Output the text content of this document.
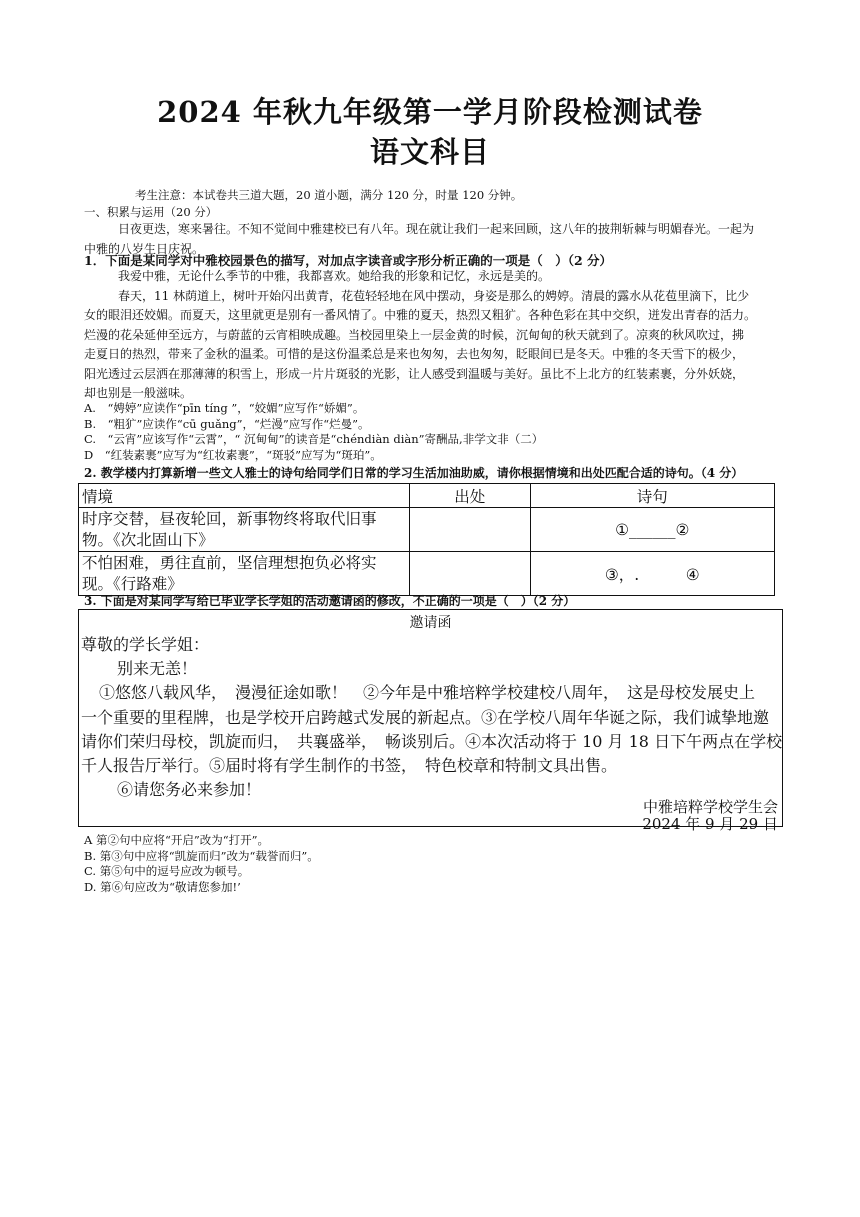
2024 年秋九年级第一学月阶段检测试卷
语文科目
考生注意：本试卷共三道大题，20 道小题，满分 120 分，时量 120 分钟。
一、积累与运用（20 分）
日夜更迭，寒来暑往。不知不觉间中雅建校已有八年。现在就让我们一起来回顾，这八年的披荆斩棘与明媚春光。一起为
中雅的八岁生日庆祝。
1．下面是某同学对中雅校园景色的描写，对加点字读音或字形分析正确的一项是（　）（2 分）
我爱中雅，无论什么季节的中雅，我都喜欢。她给我的形象和记忆，永远是美的。
春天，11 林荫道上，树叶开始闪出黄青，花苞轻轻地在风中摆动，身姿是那么的娉婷。清晨的露水从花苞里滴下，比少
女的眼泪还姣媚。而夏天，这里就更是别有一番风情了。中雅的夏天，热烈又粗犷。各种色彩在其中交织，迸发出青春的活力。
烂漫的花朵延伸至远方，与蔚蓝的云宵相映成趣。当校园里染上一层金黄的时候，沉甸甸的秋天就到了。凉爽的秋风吹过，拂
走夏日的热烈，带来了金秋的温柔。可惜的是这份温柔总是来也匆匆，去也匆匆，眨眼间已是冬天。中雅的冬天雪下的极少，
阳光透过云层洒在那薄薄的积雪上，形成一片片斑驳的光影，让人感受到温暖与美好。虽比不上北方的红装素裹，分外妖娆，
却也别是一般滋味。
A.　“娉婷”应读作“pīn tíng ”，“姣媚”应写作“娇媚”。
B.　“粗犷”应读作“cū guǎng”，“烂漫”应写作“烂曼”。
C.　“云宵”应该写作“云霄”，“ 沉甸甸”的读音是“chéndiàn diàn”寄酬品,非学文非（二）
D　“红装素裹”应写为“红妆素裹”，“斑驳”应写为“斑珀”。
2. 教学楼内打算新增一些文人雅士的诗句给同学们日常的学习生活加油助威，请你根据情境和出处匹配合适的诗句。（4 分）
情境	出处	诗句

时序交替，昼夜轮回，新事物终将取代旧事
物。《次北固山下》		①______②

不怕困难，勇往直前，坚信理想抱负必将实
现。《行路难》		③，.　　　④
3. 下面是对某同学写给已毕业学长学姐的活动邀请函的修改，不正确的一项是（　）（2 分）
邀请函
尊敬的学长学姐：
别来无恙！
①悠悠八载风华，　漫漫征途如歌！　②今年是中雅培粹学校建校八周年，　这是母校发展史上
一个重要的里程牌，也是学校开启跨越式发展的新起点。③在学校八周年华诞之际，我们诚挚地邀
请你们荣归母校，凯旋而归，　共襄盛举，　畅谈别后。④本次活动将于 10 月 18 日下午两点在学校
千人报告厅举行。⑤届时将有学生制作的书签，　特色校章和特制文具出售。
⑥请您务必来参加！
中雅培粹学校学生会
2024 年 9 月 29 日
A 第②句中应将“开启”改为“打开”。
B. 第③句中应将“凯旋而归”改为“载誉而归”。
C. 第⑤句中的逗号应改为顿号。
D. 第⑥句应改为“敬请您参加!’
